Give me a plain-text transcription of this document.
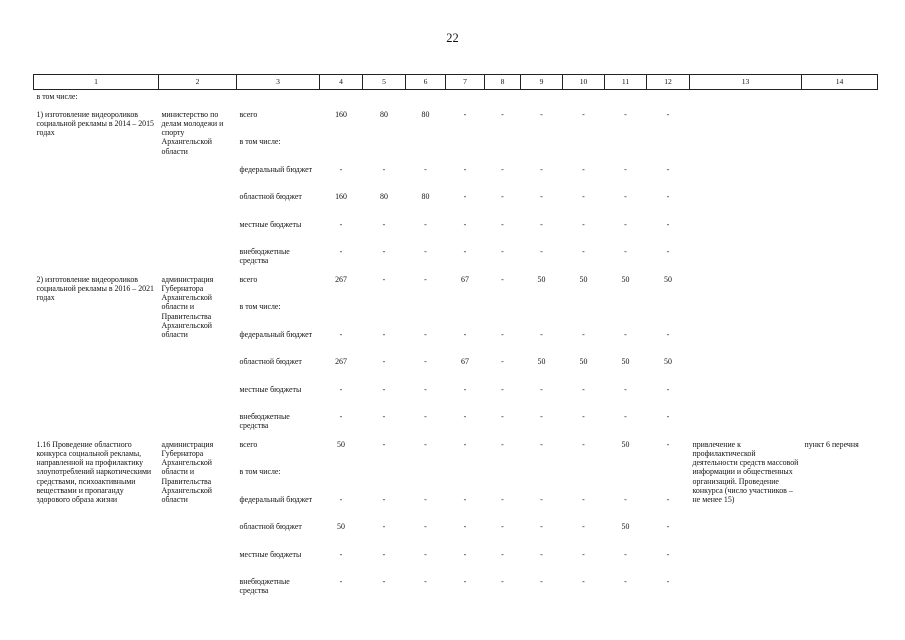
22
1	2	3	4	5	6	7	8	9	10	11	12	13	14
в том числе:													
1) изготовление видеороликов социальной рекламы в 2014 – 2015 годах	министерство по делам молодежи и спорту Архангельской области	всего	160	80	80	-	-	-	-	-	-		
		в том числе:											
		федеральный бюджет	-	-	-	-	-	-	-	-	-		
		областной бюджет	160	80	80	-	-	-	-	-	-		
		местные бюджеты	-	-	-	-	-	-	-	-	-		
		внебюджетные средства	-	-	-	-	-	-	-	-	-		
2) изготовление видеороликов социальной рекламы в 2016 – 2021 годах	администрация Губернатора Архангельской области и Правительства Архангельской области	всего	267	-	-	67	-	50	50	50	50		
		в том числе:											
		федеральный бюджет	-	-	-	-	-	-	-	-	-		
		областной бюджет	267	-	-	67	-	50	50	50	50		
		местные бюджеты	-	-	-	-	-	-	-	-	-		
		внебюджетные средства	-	-	-	-	-	-	-	-	-		
1.16 Проведение областного конкурса социальной рекламы, направленной на профилактику злоупотреблений наркотическими средствами, психоактивными веществами и пропаганду здорового образа жизни	администрация Губернатора Архангельской области и Правительства Архангельской области	всего	50	-	-	-	-	-	-	50	-	привлечение к профилактической деятельности средств массовой информации и общественных организаций. Проведение конкурса (число участников – не менее 15)	пункт 6 перечня
		в том числе:											
		федеральный бюджет	-	-	-	-	-	-	-	-	-		
		областной бюджет	50	-	-	-	-	-	-	50	-		
		местные бюджеты	-	-	-	-	-	-	-	-	-		
		внебюджетные средства	-	-	-	-	-	-	-	-	-		
